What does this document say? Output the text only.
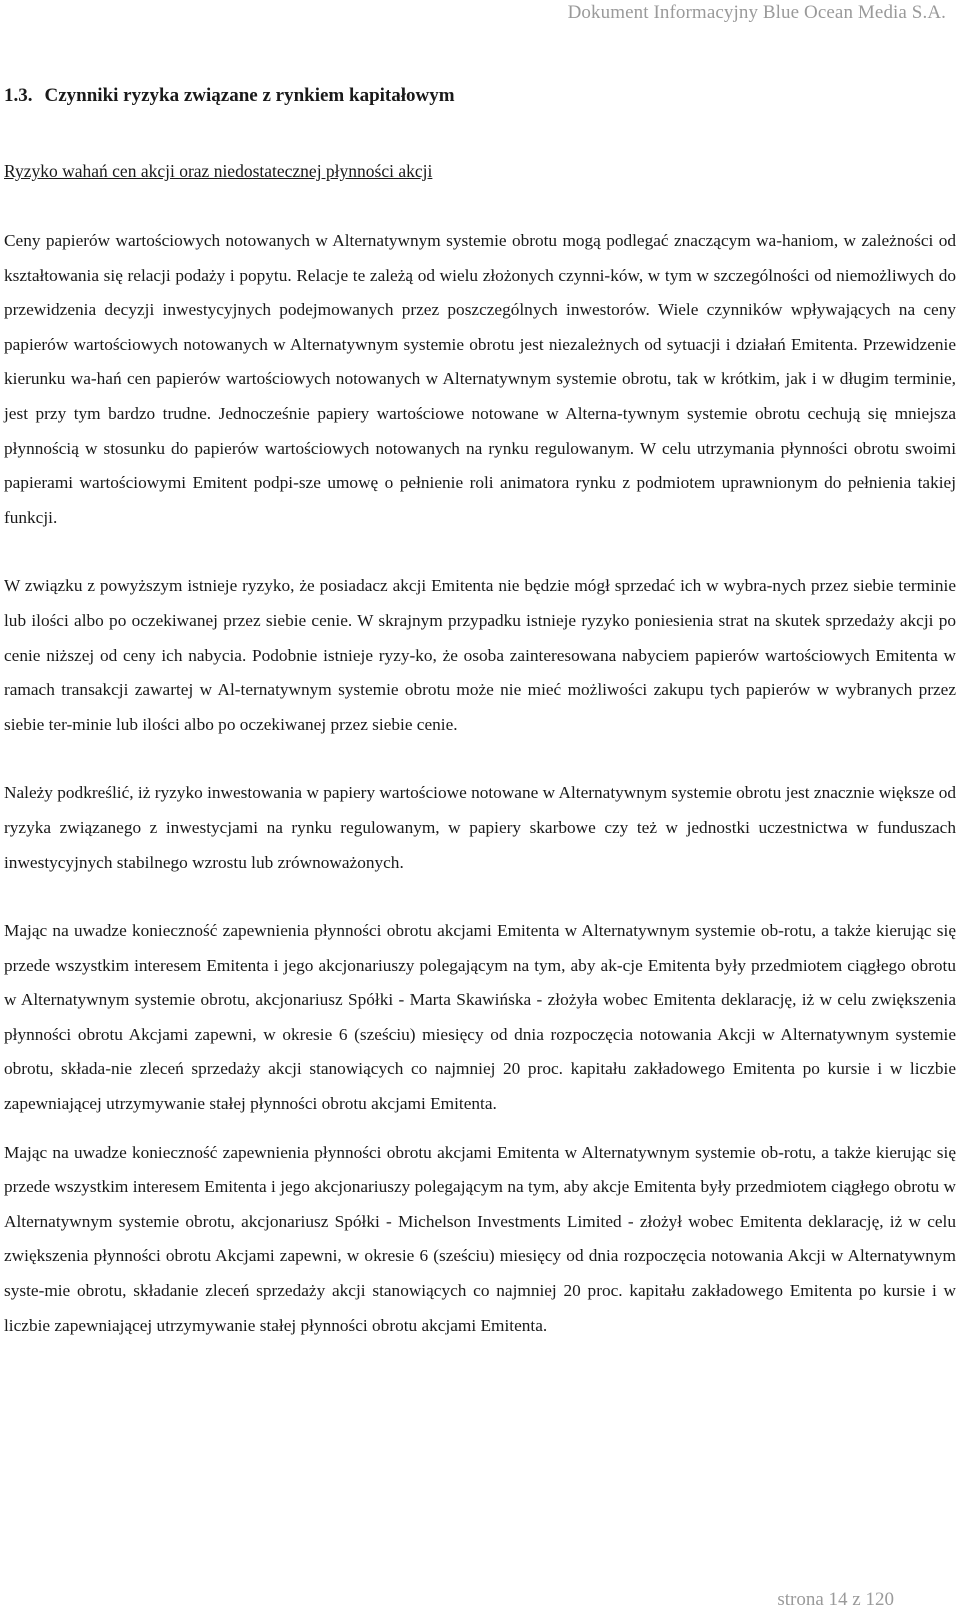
Dokument Informacyjny Blue Ocean Media S.A.
1.3. Czynniki ryzyka związane z rynkiem kapitałowym
Ryzyko wahań cen akcji oraz niedostatecznej płynności akcji

Ceny papierów wartościowych notowanych w Alternatywnym systemie obrotu mogą podlegać znaczącym wa-haniom, w zależności od kształtowania się relacji podaży i popytu. Relacje te zależą od wielu złożonych czynni-ków, w tym w szczególności od niemożliwych do przewidzenia decyzji inwestycyjnych podejmowanych przez poszczególnych inwestorów. Wiele czynników wpływających na ceny papierów wartościowych notowanych w Alternatywnym systemie obrotu jest niezależnych od sytuacji i działań Emitenta. Przewidzenie kierunku wa-hań cen papierów wartościowych notowanych w Alternatywnym systemie obrotu, tak w krótkim, jak i w długim terminie, jest przy tym bardzo trudne. Jednocześnie papiery wartościowe notowane w Alterna-tywnym systemie obrotu cechują się mniejsza płynnością w stosunku do papierów wartościowych notowanych na rynku regulowanym. W celu utrzymania płynności obrotu swoimi papierami wartościowymi Emitent podpi-sze umowę o pełnienie roli animatora rynku z podmiotem uprawnionym do pełnienia takiej funkcji.

W związku z powyższym istnieje ryzyko, że posiadacz akcji Emitenta nie będzie mógł sprzedać ich w wybra-nych przez siebie terminie lub ilości albo po oczekiwanej przez siebie cenie. W skrajnym przypadku istnieje ryzyko poniesienia strat na skutek sprzedaży akcji po cenie niższej od ceny ich nabycia. Podobnie istnieje ryzy-ko, że osoba zainteresowana nabyciem papierów wartościowych Emitenta w ramach transakcji zawartej w Al-ternatywnym systemie obrotu może nie mieć możliwości zakupu tych papierów w wybranych przez siebie ter-minie lub ilości albo po oczekiwanej przez siebie cenie.

Należy podkreślić, iż ryzyko inwestowania w papiery wartościowe notowane w Alternatywnym systemie obrotu jest znacznie większe od ryzyka związanego z inwestycjami na rynku regulowanym, w papiery skarbowe czy też w jednostki uczestnictwa w funduszach inwestycyjnych stabilnego wzrostu lub zrównoważonych.

Mając na uwadze konieczność zapewnienia płynności obrotu akcjami Emitenta w Alternatywnym systemie ob-rotu, a także kierując się przede wszystkim interesem Emitenta i jego akcjonariuszy polegającym na tym, aby ak-cje Emitenta były przedmiotem ciągłego obrotu w Alternatywnym systemie obrotu, akcjonariusz Spółki - Marta Skawińska - złożyła wobec Emitenta deklarację, iż w celu zwiększenia płynności obrotu Akcjami zapewni, w okresie 6 (sześciu) miesięcy od dnia rozpoczęcia notowania Akcji w Alternatywnym systemie obrotu, składa-nie zleceń sprzedaży akcji stanowiących co najmniej 20 proc. kapitału zakładowego Emitenta po kursie i w liczbie zapewniającej utrzymywanie stałej płynności obrotu akcjami Emitenta.

Mając na uwadze konieczność zapewnienia płynności obrotu akcjami Emitenta w Alternatywnym systemie ob-rotu, a także kierując się przede wszystkim interesem Emitenta i jego akcjonariuszy polegającym na tym, aby akcje Emitenta były przedmiotem ciągłego obrotu w Alternatywnym systemie obrotu, akcjonariusz Spółki - Michelson Investments Limited - złożył wobec Emitenta deklarację, iż w celu zwiększenia płynności obrotu Akcjami zapewni, w okresie 6 (sześciu) miesięcy od dnia rozpoczęcia notowania Akcji w Alternatywnym syste-mie obrotu, składanie zleceń sprzedaży akcji stanowiących co najmniej 20 proc. kapitału zakładowego Emitenta po kursie i w liczbie zapewniającej utrzymywanie stałej płynności obrotu akcjami Emitenta.

strona 14 z 120
